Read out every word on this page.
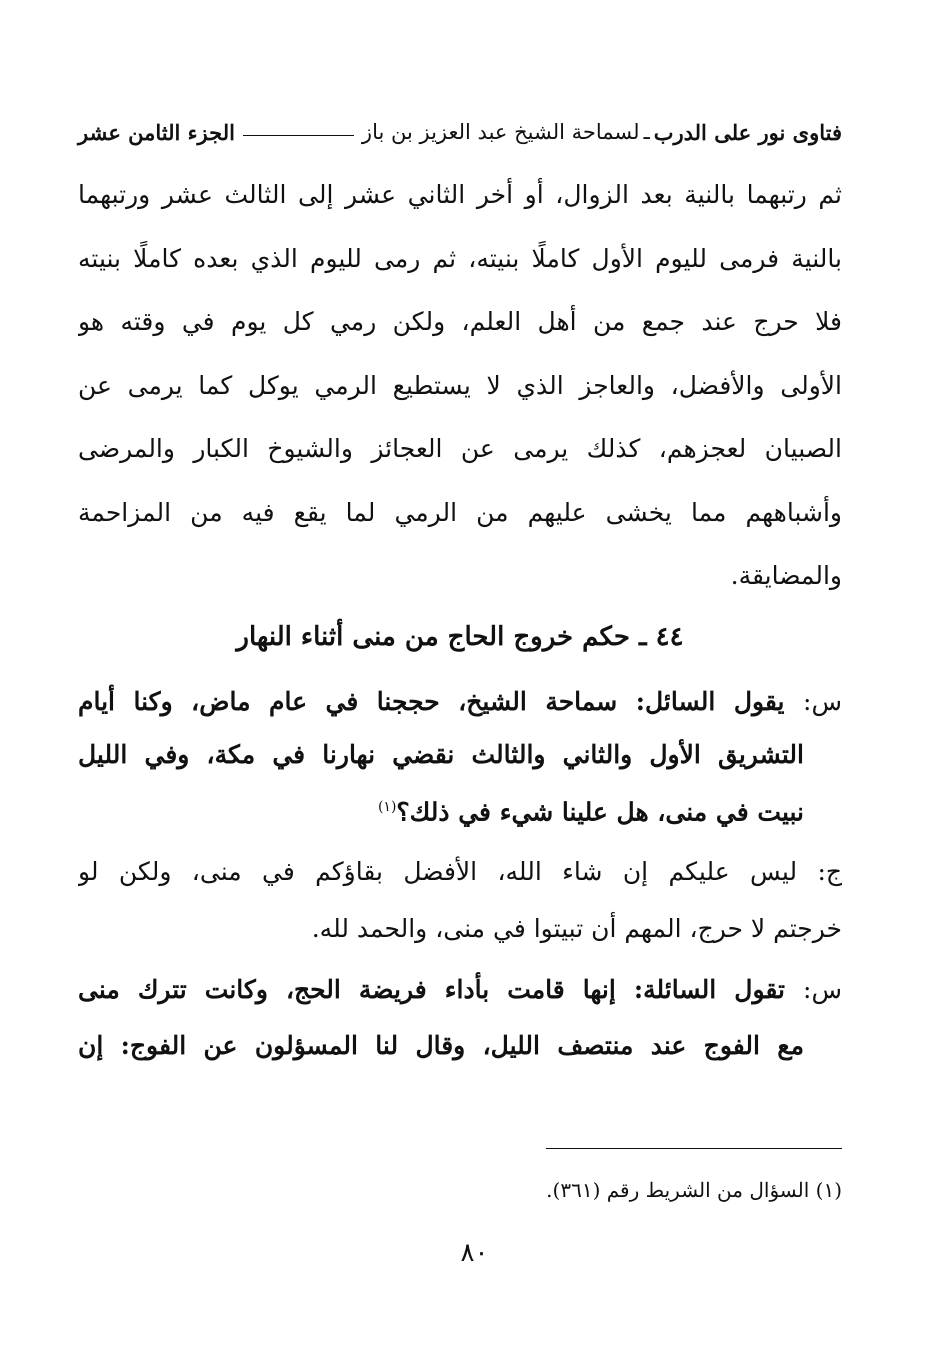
فتاوى نور على الدرب
ـ
لسماحة الشيخ عبد العزيز بن باز
الجزء الثامن عشر

ثم رتبهما بالنية بعد الزوال، أو أخر الثاني عشر إلى الثالث عشر ورتبهما
بالنية فرمى لليوم الأول كاملًا بنيته، ثم رمى لليوم الذي بعده كاملًا بنيته
فلا حرج عند جمع من أهل العلم، ولكن رمي كل يوم في وقته هو
الأولى والأفضل، والعاجز الذي لا يستطيع الرمي يوكل كما يرمى عن
الصبيان لعجزهم، كذلك يرمى عن العجائز والشيوخ الكبار والمرضى
وأشباههم مما يخشى عليهم من الرمي لما يقع فيه من المزاحمة
والمضايقة.

٤٤ ـ حكم خروج الحاج من منى أثناء النهار

س: يقول السائل: سماحة الشيخ، حججنا في عام ماض، وكنا أيام
التشريق الأول والثاني والثالث نقضي نهارنا في مكة، وفي الليل
نبيت في منى، هل علينا شيء في ذلك؟$^{(١)}$

ج: ليس عليكم إن شاء الله، الأفضل بقاؤكم في منى، ولكن لو
خرجتم لا حرج، المهم أن تبيتوا في منى، والحمد لله.

س: تقول السائلة: إنها قامت بأداء فريضة الحج، وكانت تترك منى
مع الفوج عند منتصف الليل، وقال لنا المسؤلون عن الفوج: إن

(١) السؤال من الشريط رقم (٣٦١).

٨٠
